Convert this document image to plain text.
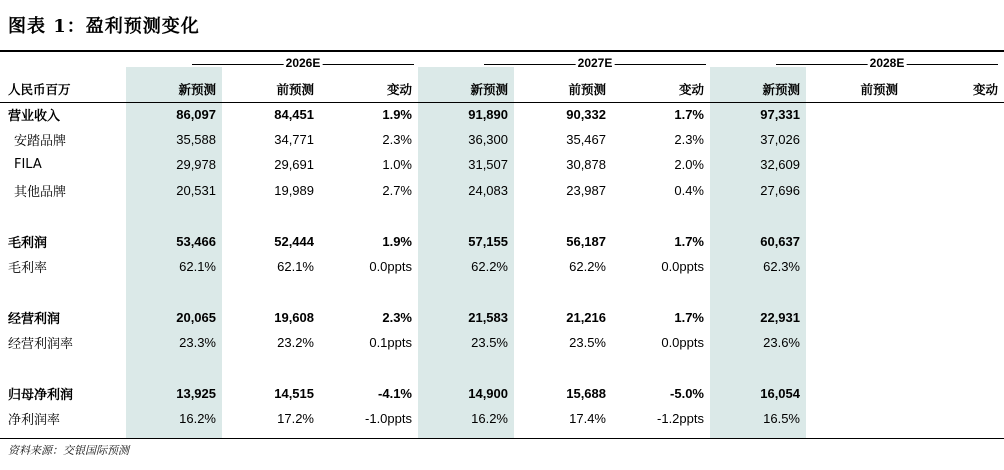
图表 1：盈利预测变化
2026E	2027E	2028E
人民币百万	新预测	前预测	变动	新预测	前预测	变动	新预测	前预测	变动
营业收入	86,097	84,451	1.9%	91,890	90,332	1.7%	97,331		
安踏品牌	35,588	34,771	2.3%	36,300	35,467	2.3%	37,026		
FILA	29,978	29,691	1.0%	31,507	30,878	2.0%	32,609		
其他品牌	20,531	19,989	2.7%	24,083	23,987	0.4%	27,696		

毛利润	53,466	52,444	1.9%	57,155	56,187	1.7%	60,637		
毛利率	62.1%	62.1%	0.0ppts	62.2%	62.2%	0.0ppts	62.3%		

经营利润	20,065	19,608	2.3%	21,583	21,216	1.7%	22,931		
经营利润率	23.3%	23.2%	0.1ppts	23.5%	23.5%	0.0ppts	23.6%		

归母净利润	13,925	14,515	-4.1%	14,900	15,688	-5.0%	16,054		
净利润率	16.2%	17.2%	-1.0ppts	16.2%	17.4%	-1.2ppts	16.5%		
资料来源：交银国际预测
